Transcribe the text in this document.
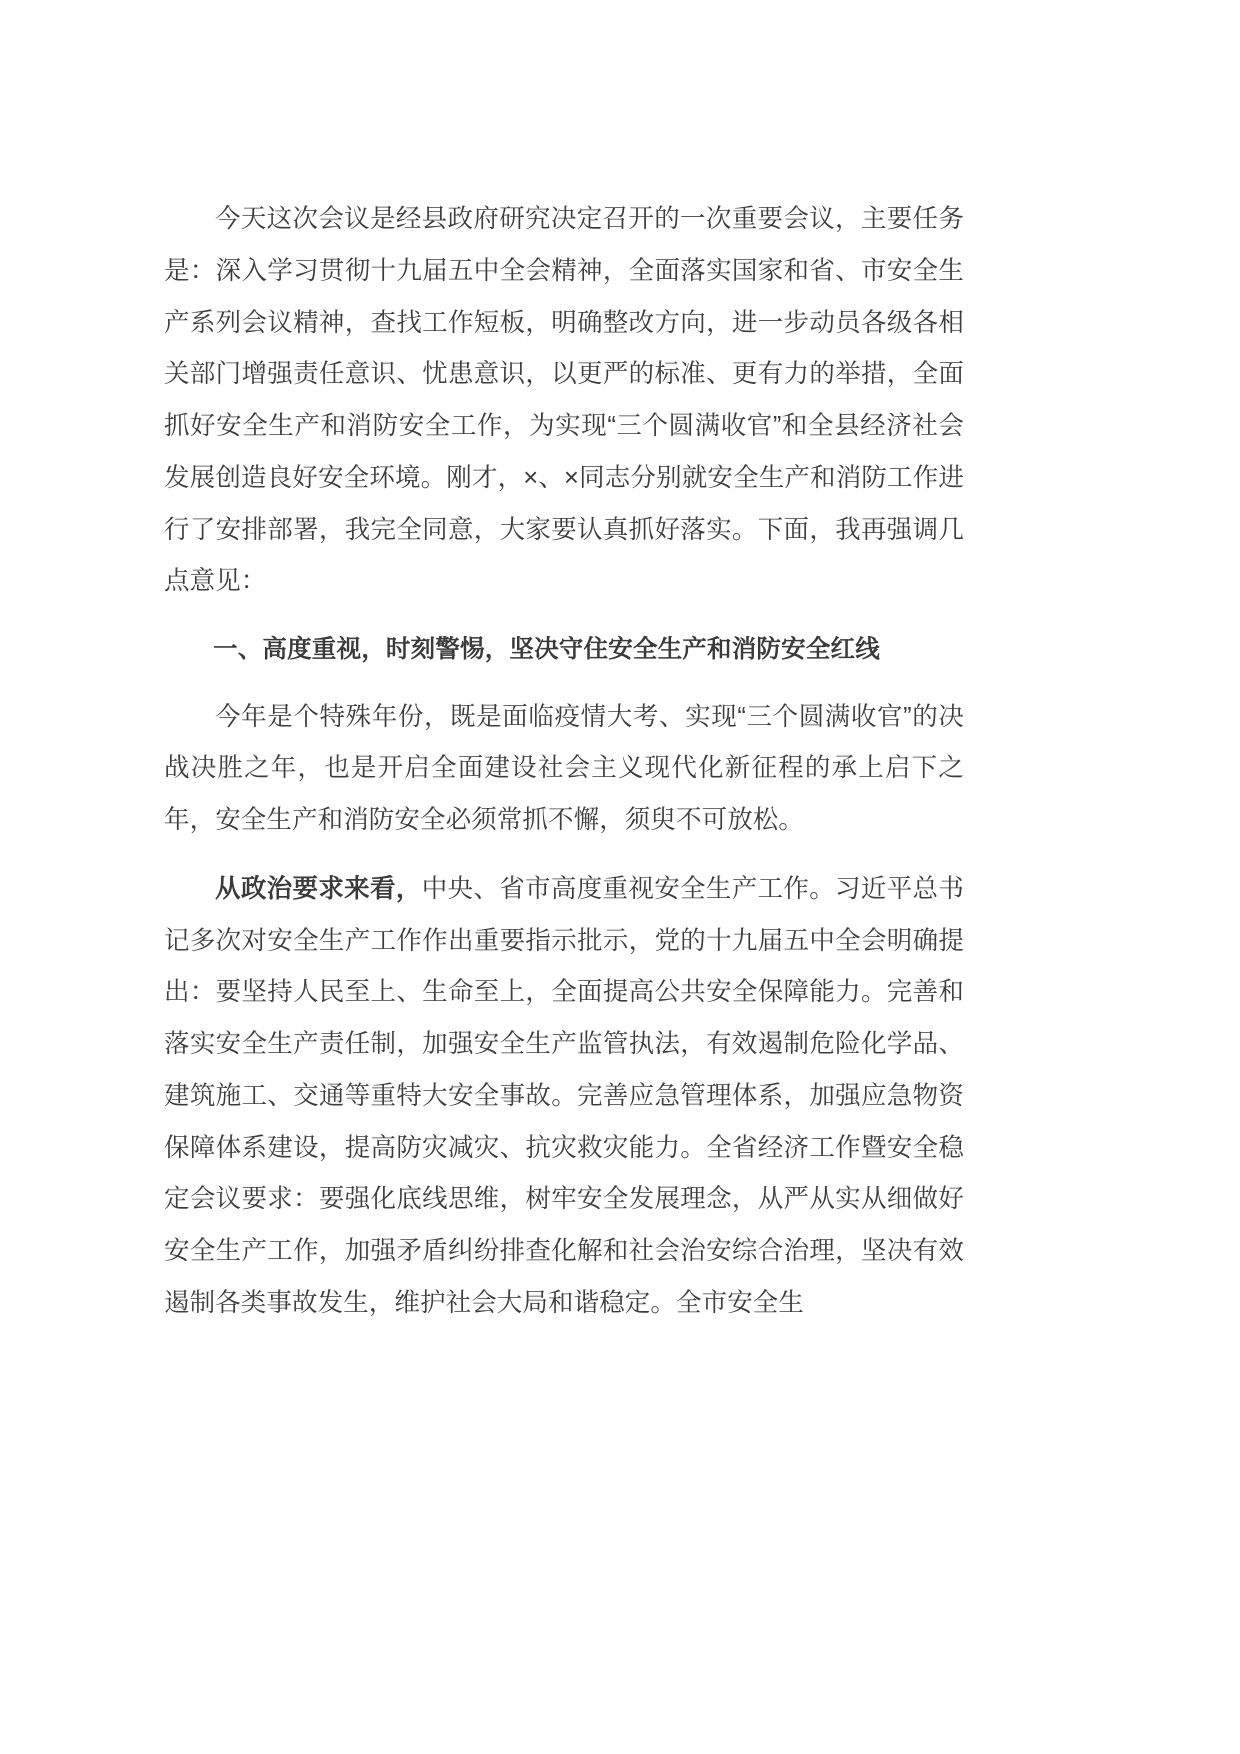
今天这次会议是经县政府研究决定召开的一次重要会议，主要任务是：深入学习贯彻十九届五中全会精神，全面落实国家和省、市安全生产系列会议精神，查找工作短板，明确整改方向，进一步动员各级各相关部门增强责任意识、忧患意识，以更严的标准、更有力的举措，全面抓好安全生产和消防安全工作，为实现“三个圆满收官”和全县经济社会发展创造良好安全环境。刚才，×、×同志分别就安全生产和消防工作进行了安排部署，我完全同意，大家要认真抓好落实。下面，我再强调几点意见：

一、高度重视，时刻警惕，坚决守住安全生产和消防安全红线

今年是个特殊年份，既是面临疫情大考、实现“三个圆满收官”的决战决胜之年，也是开启全面建设社会主义现代化新征程的承上启下之年，安全生产和消防安全必须常抓不懈，须臾不可放松。

从政治要求来看，中央、省市高度重视安全生产工作。习近平总书记多次对安全生产工作作出重要指示批示，党的十九届五中全会明确提出：要坚持人民至上、生命至上，全面提高公共安全保障能力。完善和落实安全生产责任制，加强安全生产监管执法，有效遏制危险化学品、建筑施工、交通等重特大安全事故。完善应急管理体系，加强应急物资保障体系建设，提高防灾减灾、抗灾救灾能力。全省经济工作暨安全稳定会议要求：要强化底线思维，树牢安全发展理念，从严从实从细做好安全生产工作，加强矛盾纠纷排查化解和社会治安综合治理，坚决有效遏制各类事故发生，维护社会大局和谐稳定。全市安全生
